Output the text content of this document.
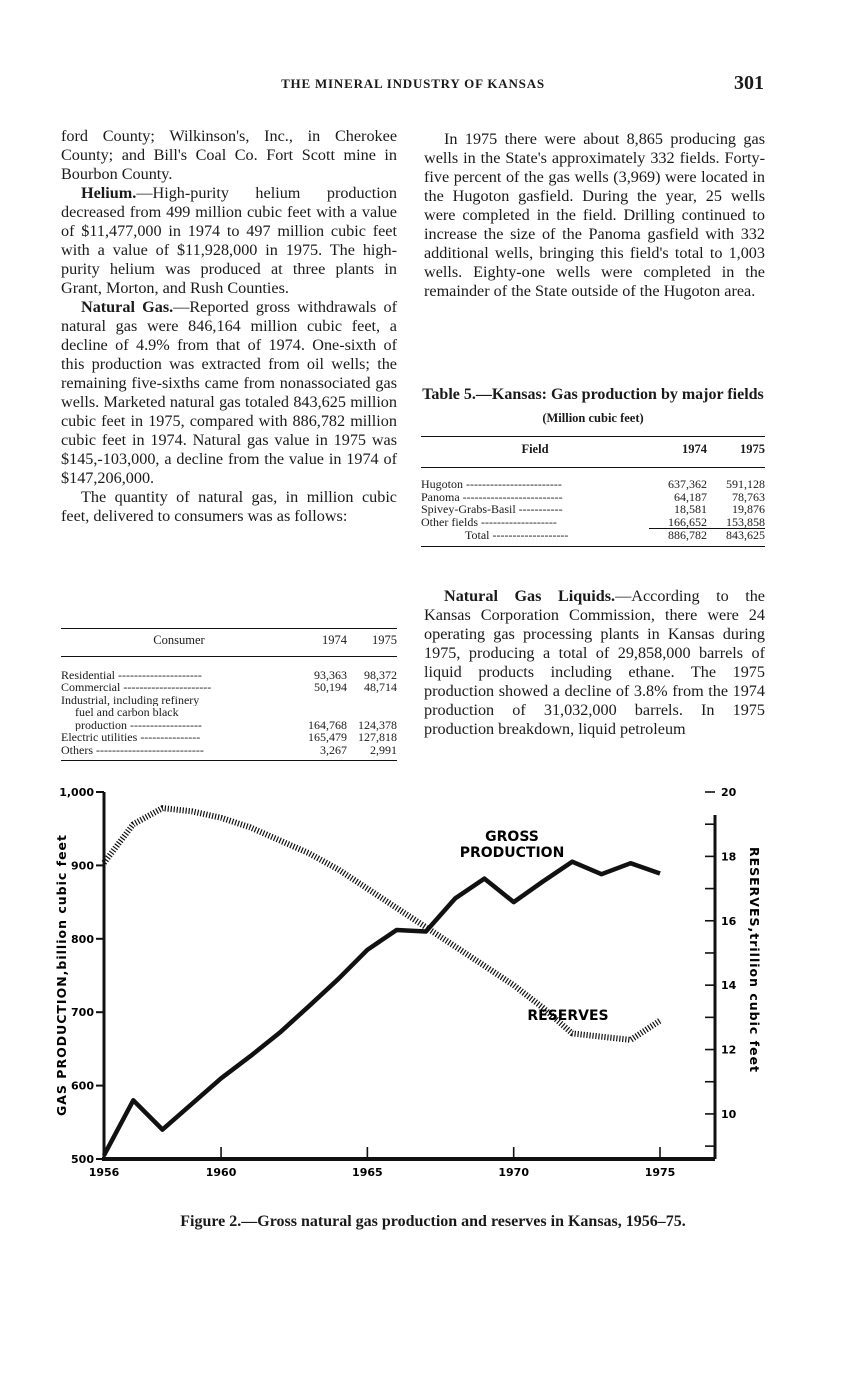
THE MINERAL INDUSTRY OF KANSAS	301

ford County; Wilkinson's, Inc., in Cherokee County; and Bill's Coal Co. Fort Scott mine in Bourbon County.

Helium.—High-purity helium production decreased from 499 million cubic feet with a value of $11,477,000 in 1974 to 497 million cubic feet with a value of $11,928,000 in 1975. The high-purity helium was produced at three plants in Grant, Morton, and Rush Counties.

Natural Gas.—Reported gross withdrawals of natural gas were 846,164 million cubic feet, a decline of 4.9% from that of 1974. One-sixth of this production was extracted from oil wells; the remaining five-sixths came from nonassociated gas wells. Marketed natural gas totaled 843,625 million cubic feet in 1975, compared with 886,782 million cubic feet in 1974. Natural gas value in 1975 was $145,-103,000, a decline from the value in 1974 of $147,206,000.

The quantity of natural gas, in million cubic feet, delivered to consumers was as follows:

Consumer	1974	1975
Residential ---------------------	93,363	98,372
Commercial ----------------------	50,194	48,714
Industrial, including refinery		
fuel and carbon black		
production ------------------	164,768	124,378
Electric utilities ---------------	165,479	127,818
Others ---------------------------	3,267	2,991

In 1975 there were about 8,865 producing gas wells in the State's approximately 332 fields. Forty-five percent of the gas wells (3,969) were located in the Hugoton gasfield. During the year, 25 wells were completed in the field. Drilling continued to increase the size of the Panoma gasfield with 332 additional wells, bringing this field's total to 1,003 wells. Eighty-one wells were completed in the remainder of the State outside of the Hugoton area.

Table 5.—Kansas: Gas production by major fields
(Million cubic feet)
Field	1974	1975
Hugoton ------------------------	637,362	591,128
Panoma -------------------------	64,187	78,763
Spivey-Grabs-Basil -----------	18,581	19,876
Other fields -------------------	166,652	153,858
Total -------------------	886,782	843,625

Natural Gas Liquids.—According to the Kansas Corporation Commission, there were 24 operating gas processing plants in Kansas during 1975, producing a total of 29,858,000 barrels of liquid products including ethane. The 1975 production showed a decline of 3.8% from the 1974 production of 31,032,000 barrels. In 1975 production breakdown, liquid petroleum

500
600
700
800
900
1,000
10
12
14
16
18
20
1956	1960	1965	1970	1975
GAS PRODUCTION,billion cubic feet	RESERVES,trillion cubic feet
GROSS
PRODUCTION
RESERVES
Figure 2.—Gross natural gas production and reserves in Kansas, 1956–75.
